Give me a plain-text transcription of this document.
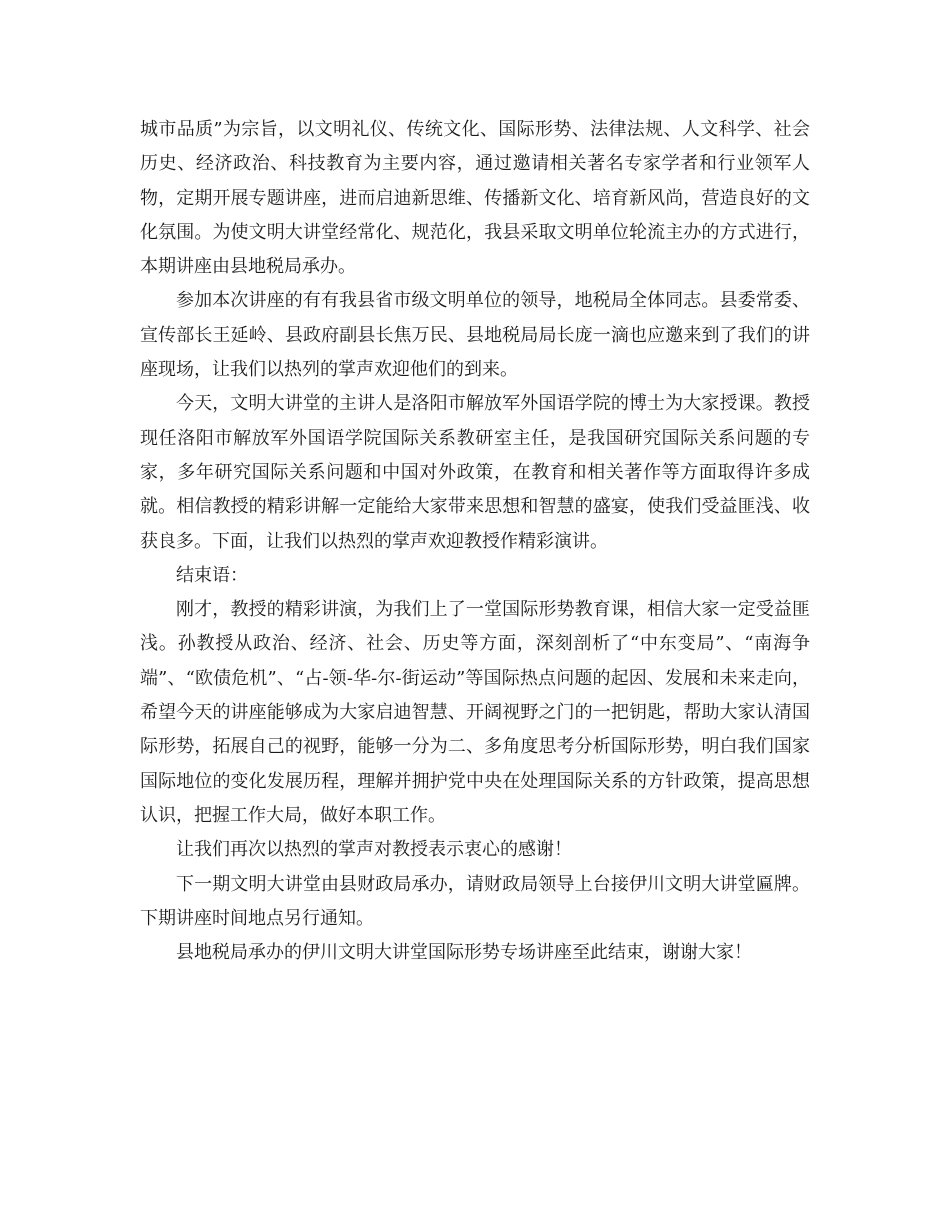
城市品质”为宗旨，以文明礼仪、传统文化、国际形势、法律法规、人文科学、社会历史、经济政治、科技教育为主要内容，通过邀请相关著名专家学者和行业领军人物，定期开展专题讲座，进而启迪新思维、传播新文化、培育新风尚，营造良好的文化氛围。为使文明大讲堂经常化、规范化，我县采取文明单位轮流主办的方式进行，本期讲座由县地税局承办。

参加本次讲座的有有我县省市级文明单位的领导，地税局全体同志。县委常委、宣传部长王延岭、县政府副县长焦万民、县地税局局长庞一滴也应邀来到了我们的讲座现场，让我们以热列的掌声欢迎他们的到来。

今天，文明大讲堂的主讲人是洛阳市解放军外国语学院的博士为大家授课。教授现任洛阳市解放军外国语学院国际关系教研室主任，是我国研究国际关系问题的专家，多年研究国际关系问题和中国对外政策，在教育和相关著作等方面取得许多成就。相信教授的精彩讲解一定能给大家带来思想和智慧的盛宴，使我们受益匪浅、收获良多。下面，让我们以热烈的掌声欢迎教授作精彩演讲。

结束语：

刚才，教授的精彩讲演，为我们上了一堂国际形势教育课，相信大家一定受益匪浅。孙教授从政治、经济、社会、历史等方面，深刻剖析了“中东变局”、“南海争端”、“欧债危机”、“占-领-华-尔-街运动”等国际热点问题的起因、发展和未来走向，希望今天的讲座能够成为大家启迪智慧、开阔视野之门的一把钥匙，帮助大家认清国际形势，拓展自己的视野，能够一分为二、多角度思考分析国际形势，明白我们国家国际地位的变化发展历程，理解并拥护党中央在处理国际关系的方针政策，提高思想认识，把握工作大局，做好本职工作。

让我们再次以热烈的掌声对教授表示衷心的感谢！

下一期文明大讲堂由县财政局承办，请财政局领导上台接伊川文明大讲堂匾牌。下期讲座时间地点另行通知。

县地税局承办的伊川文明大讲堂国际形势专场讲座至此结束，谢谢大家！
